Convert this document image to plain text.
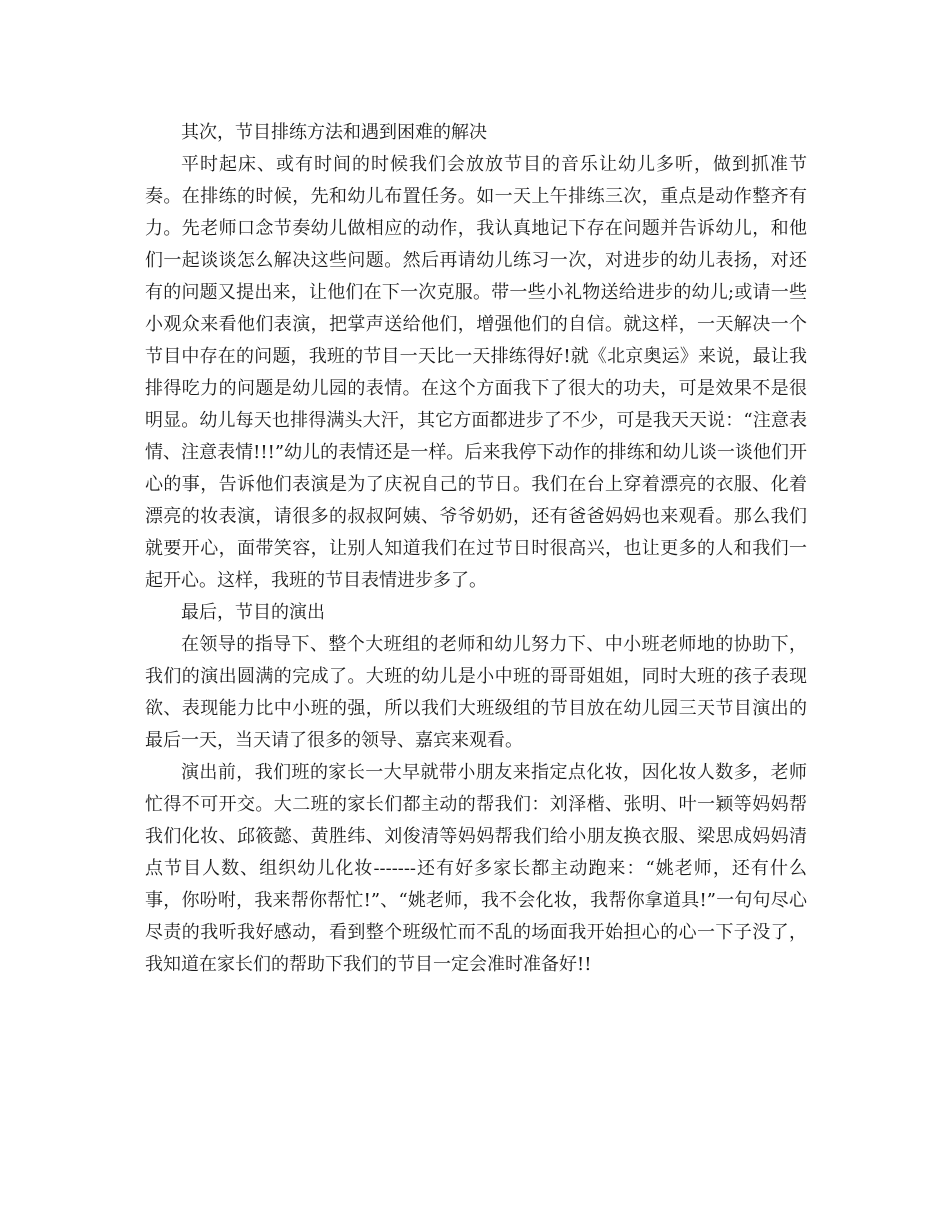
其次，节目排练方法和遇到困难的解决

平时起床、或有时间的时候我们会放放节目的音乐让幼儿多听，做到抓准节奏。在排练的时候，先和幼儿布置任务。如一天上午排练三次，重点是动作整齐有力。先老师口念节奏幼儿做相应的动作，我认真地记下存在问题并告诉幼儿，和他们一起谈谈怎么解决这些问题。然后再请幼儿练习一次，对进步的幼儿表扬，对还有的问题又提出来，让他们在下一次克服。带一些小礼物送给进步的幼儿;或请一些小观众来看他们表演，把掌声送给他们，增强他们的自信。就这样，一天解决一个节目中存在的问题，我班的节目一天比一天排练得好!就《北京奥运》来说，最让我排得吃力的问题是幼儿园的表情。在这个方面我下了很大的功夫，可是效果不是很明显。幼儿每天也排得满头大汗，其它方面都进步了不少，可是我天天说：“注意表情、注意表情!!!”幼儿的表情还是一样。后来我停下动作的排练和幼儿谈一谈他们开心的事，告诉他们表演是为了庆祝自己的节日。我们在台上穿着漂亮的衣服、化着漂亮的妆表演，请很多的叔叔阿姨、爷爷奶奶，还有爸爸妈妈也来观看。那么我们就要开心，面带笑容，让别人知道我们在过节日时很高兴，也让更多的人和我们一起开心。这样，我班的节目表情进步多了。

最后，节目的演出

在领导的指导下、整个大班组的老师和幼儿努力下、中小班老师地的协助下，我们的演出圆满的完成了。大班的幼儿是小中班的哥哥姐姐，同时大班的孩子表现欲、表现能力比中小班的强，所以我们大班级组的节目放在幼儿园三天节目演出的最后一天，当天请了很多的领导、嘉宾来观看。

演出前，我们班的家长一大早就带小朋友来指定点化妆，因化妆人数多，老师忙得不可开交。大二班的家长们都主动的帮我们：刘泽楷、张明、叶一颖等妈妈帮我们化妆、邱筱懿、黄胜纬、刘俊清等妈妈帮我们给小朋友换衣服、梁思成妈妈清点节目人数、组织幼儿化妆-------还有好多家长都主动跑来：“姚老师，还有什么事，你吩咐，我来帮你帮忙!”、“姚老师，我不会化妆，我帮你拿道具!”一句句尽心尽责的我听我好感动，看到整个班级忙而不乱的场面我开始担心的心一下子没了，我知道在家长们的帮助下我们的节目一定会准时准备好!!
